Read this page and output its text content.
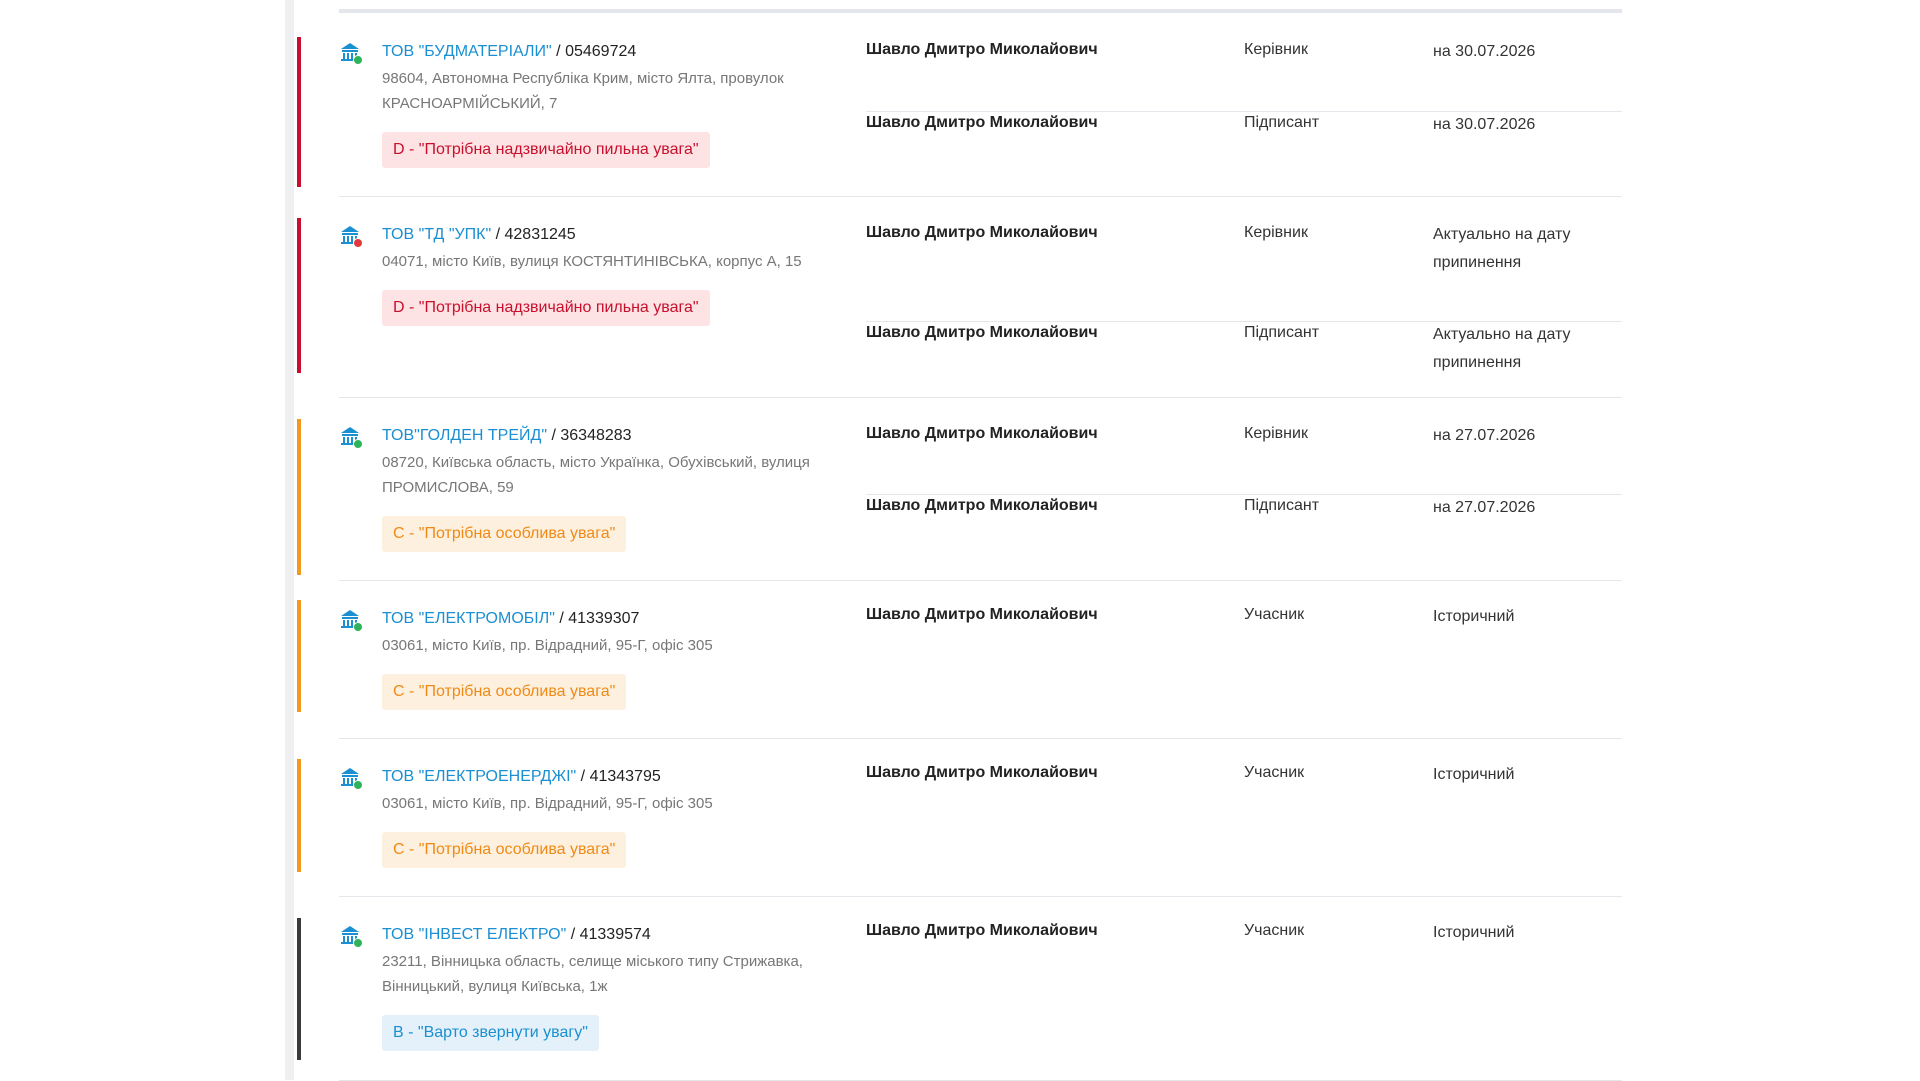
ТОВ "БУДМАТЕРІАЛИ" / 05469724
98604, Автономна Республіка Крим, місто Ялта, провулок КРАСНОАРМІЙСЬКИЙ, 7
D - "Потрібна надзвичайно пильна увага"
Шавло Дмитро Миколайович	Керівник	на 30.07.2026
Шавло Дмитро Миколайович	Підписант	на 30.07.2026
ТОВ "ТД "УПК" / 42831245
04071, місто Київ, вулиця КОСТЯНТИНІВСЬКА, корпус А, 15
D - "Потрібна надзвичайно пильна увага"
Шавло Дмитро Миколайович	Керівник	Актуально на дату припинення
Шавло Дмитро Миколайович	Підписант	Актуально на дату припинення
ТОВ"ГОЛДЕН ТРЕЙД" / 36348283
08720, Київська область, місто Українка, Обухівський, вулиця ПРОМИСЛОВА, 59
C - "Потрібна особлива увага"
Шавло Дмитро Миколайович	Керівник	на 27.07.2026
Шавло Дмитро Миколайович	Підписант	на 27.07.2026
ТОВ "ЕЛЕКТРОМОБІЛ" / 41339307
03061, місто Київ, пр. Відрадний, 95-Г, офіс 305
C - "Потрібна особлива увага"
Шавло Дмитро Миколайович	Учасник	Історичний
ТОВ "ЕЛЕКТРОЕНЕРДЖІ" / 41343795
03061, місто Київ, пр. Відрадний, 95-Г, офіс 305
C - "Потрібна особлива увага"
Шавло Дмитро Миколайович	Учасник	Історичний
ТОВ "ІНВЕСТ ЕЛЕКТРО" / 41339574
23211, Вінницька область, селище міського типу Стрижавка, Вінницький, вулиця Київська, 1ж
B - "Варто звернути увагу"
Шавло Дмитро Миколайович	Учасник	Історичний
